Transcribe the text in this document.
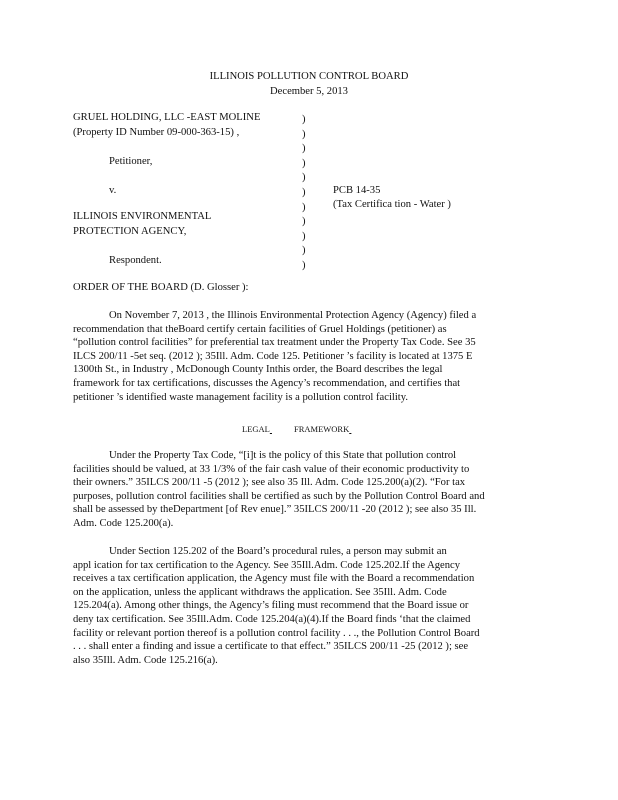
ILLINOIS POLLUTION CONTROL BOARD
December 5, 2013
GRUEL HOLDING, LLC -EAST MOLINE
(Property ID Number 09-000-363-15) ,
Petitioner,
v.
ILLINOIS ENVIRONMENTAL
PROTECTION AGENCY,
Respondent.
)
)
)
)
)
)
)
)
)
)
)
PCB 14-35
(Tax Certifica tion - Water )
ORDER OF THE BOARD (D. Glosser ):
On November 7, 2013 , the Illinois Environmental Protection Agency (Agency) filed a
recommendation that theBoard certify certain facilities of Gruel Holdings (petitioner) as
“pollution control facilities” for preferential tax treatment under the Property Tax Code. See 35
ILCS 200/11 -5et seq. (2012 ); 35Ill. Adm. Code 125. Petitioner ’s facility is located at 1375 E
1300th St., in Industry , McDonough County Inthis order, the Board describes the legal
framework for tax certifications, discusses the Agency’s recommendation, and certifies that
petitioner ’s identified waste management facility is a pollution control facility.
LEGAL	FRAMEWORK
Under the Property Tax Code, “[i]t is the policy of this State that pollution control
facilities should be valued, at 33 1/3% of the fair cash value of their economic productivity to
their owners.” 35ILCS 200/11 -5 (2012 ); see also 35 Ill. Adm. Code 125.200(a)(2). “For tax
purposes, pollution control facilities shall be certified as such by the Pollution Control Board and
shall be assessed by theDepartment [of Rev enue].” 35ILCS 200/11 -20 (2012 ); see also 35 Ill.
Adm. Code 125.200(a).
Under Section 125.202 of the Board’s procedural rules, a person may submit an
appl ication for tax certification to the Agency. See 35Ill.Adm. Code 125.202.If the Agency
receives a tax certification application, the Agency must file with the Board a recommendation
on the application, unless the applicant withdraws the application. See 35Ill. Adm. Code
125.204(a). Among other things, the Agency’s filing must recommend that the Board issue or
deny tax certification. See 35Ill.Adm. Code 125.204(a)(4).If the Board finds ‘that the claimed
facility or relevant portion thereof is a pollution control facility . . ., the Pollution Control Board
. . . shall enter a finding and issue a certificate to that effect.” 35ILCS 200/11 -25 (2012 ); see
also 35Ill. Adm. Code 125.216(a).
